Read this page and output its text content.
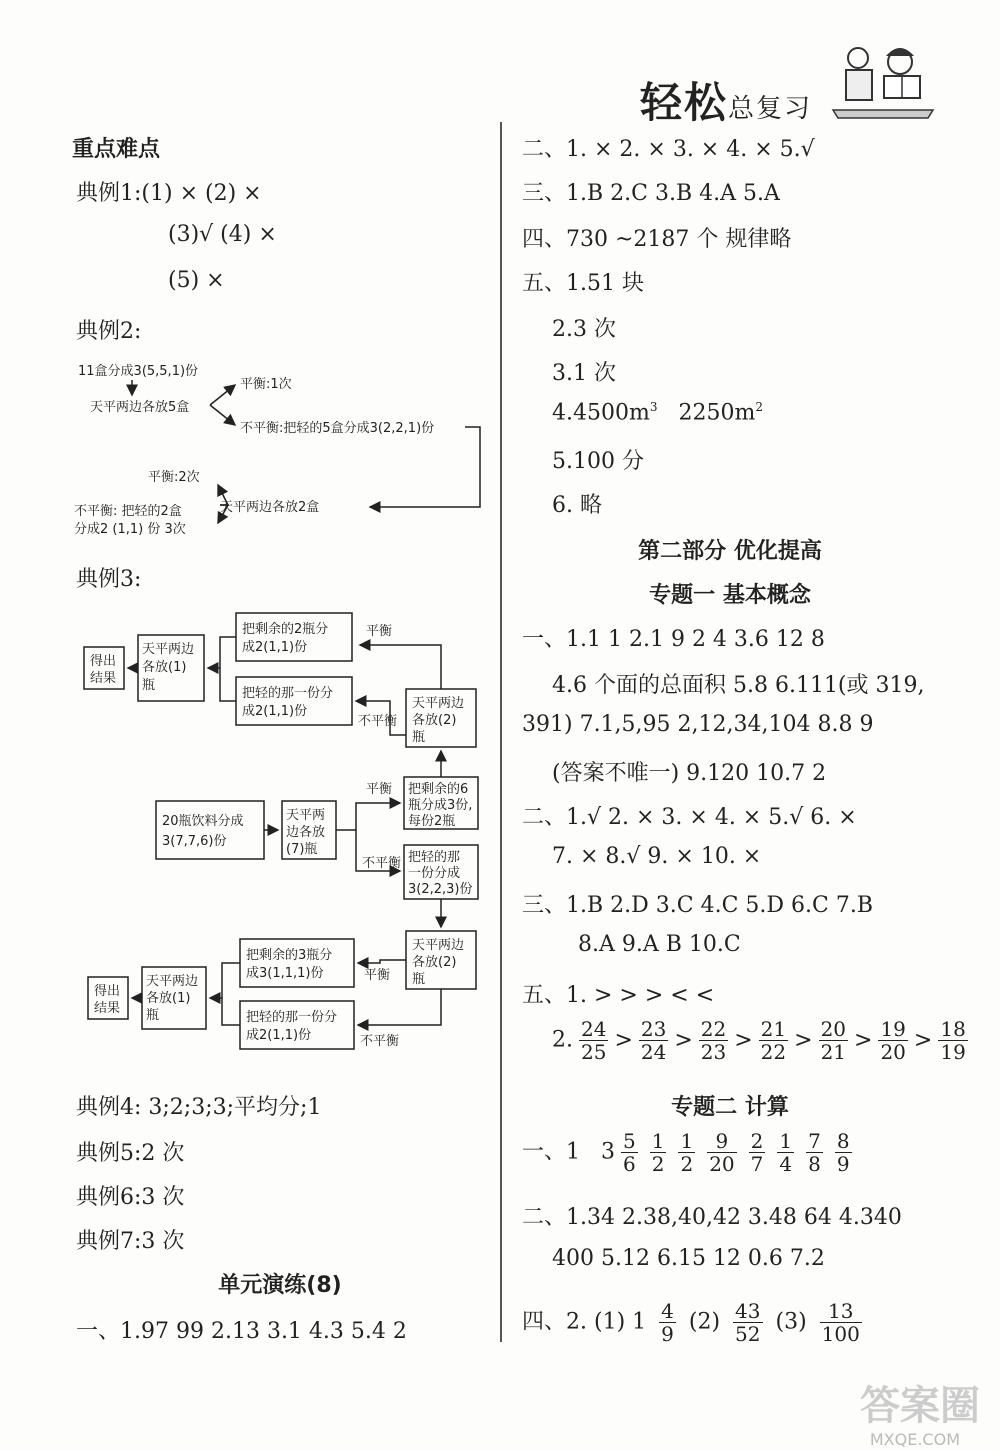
轻松总复习
重点难点
典例1:(1) × (2) ×
(3)√ (4) ×
(5) ×
典例2:
11盒分成3(5,5,1)份
天平两边各放5盒
平衡:1次
不平衡:把轻的5盒分成3(2,2,1)份
天平两边各放2盒
平衡:2次
不平衡: 把轻的2盒
分成2 (1,1) 份 3次
典例3:
得出
结果
天平两边
各放(1)
瓶
把剩余的2瓶分
成2(1,1)份
把轻的那一份分
成2(1,1)份
平衡
不平衡
天平两边
各放(2)
瓶
20瓶饮料分成
3(7,7,6)份
天平两
边各放
(7)瓶
平衡
不平衡
把剩余的6
瓶分成3份,
每份2瓶
把轻的那
一份分成
3(2,2,3)份
天平两边
各放(2)
瓶
把剩余的3瓶分
成3(1,1,1)份
把轻的那一份分
成2(1,1)份
平衡
不平衡
天平两边
各放(1)
瓶
得出
结果
典例4: 3;2;3;3;平均分;1
典例5:2 次
典例6:3 次
典例7:3 次
单元演练(8)
一、1.97 99 2.13 3.1 4.3 5.4 2
二、1. × 2. × 3. × 4. × 5.√
三、1.B 2.C 3.B 4.A 5.A
四、730 ~2187 个 规律略
五、1.51 块
2.3 次
3.1 次
$4.4500m^3$   $2250m^2$
5.100 分
6. 略
第二部分 优化提高
专题一 基本概念
一、1.1 1 2.1 9 2 4 3.6 12 8
4.6 个面的总面积 5.8 6.111(或 319,
391) 7.1,5,95 2,12,34,104 8.8 9
(答案不唯一) 9.120 10.7 2
二、1.√ 2. × 3. × 4. × 5.√ 6. ×
7. × 8.√ 9. × 10. ×
三、1.B 2.D 3.C 4.C 5.D 6.C 7.B
8.A 9.A B 10.C
五、1. > > > < <
2. $\frac{24}{25} > \frac{23}{24} > \frac{22}{23} > \frac{21}{22} > \frac{20}{21} > \frac{19}{20} > \frac{18}{19}$
专题二 计算
一、1   $3 \frac{5}{6} \frac{1}{2} \frac{1}{2} \frac{9}{20} \frac{2}{7} \frac{1}{4} \frac{7}{8} \frac{8}{9}$
二、1.34 2.38,40,42 3.48 64 4.340
400 5.12 6.15 12 0.6 7.2
四、2. (1) $1 \frac{4}{9} (2) \frac{43}{52} (3) \frac{13}{100}$
答案圈
MXQE.COM
